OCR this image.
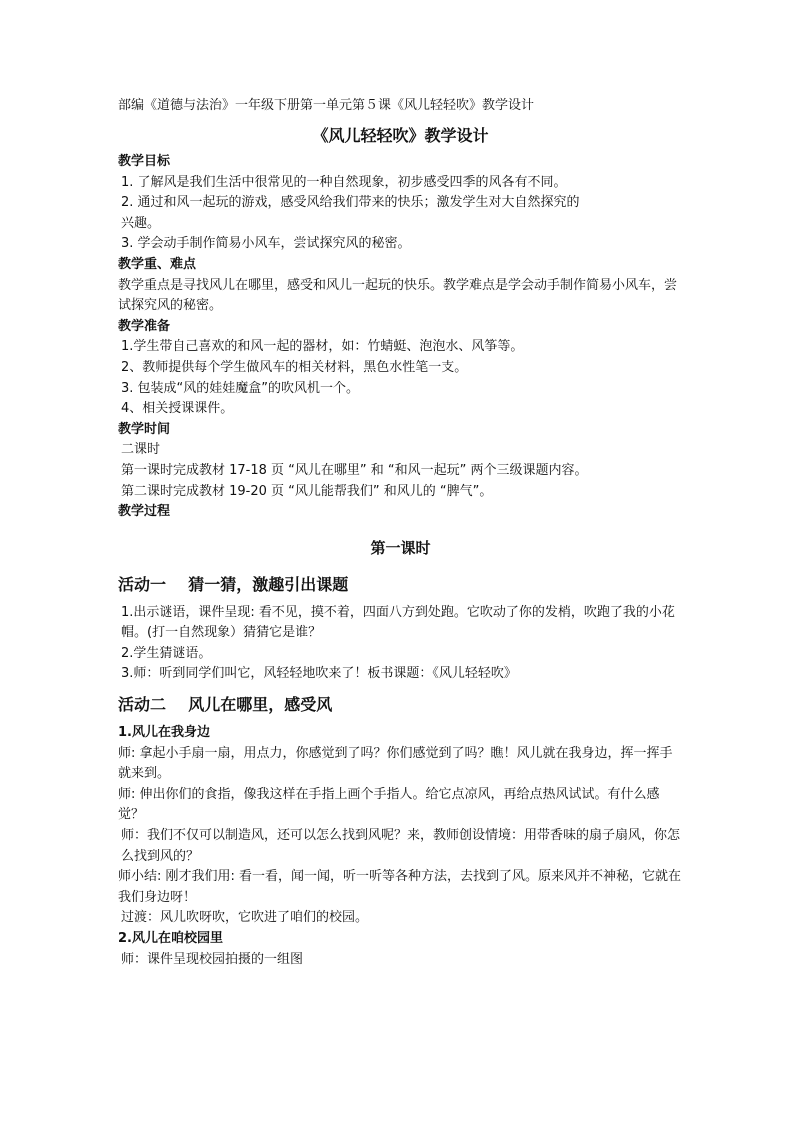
部编《道德与法治》一年级下册第一单元第５课《风儿轻轻吹》教学设计
《风儿轻轻吹》教学设计
教学目标
1. 了解风是我们生活中很常见的一种自然现象，初步感受四季的风各有不同。
2. 通过和风一起玩的游戏，感受风给我们带来的快乐；激发学生对大自然探究的兴趣。
3. 学会动手制作简易小风车，尝试探究风的秘密。
教学重、难点
教学重点是寻找风儿在哪里，感受和风儿一起玩的快乐。教学难点是学会动手制作简易小风车，尝试探究风的秘密。
教学准备
1.学生带自己喜欢的和风一起的器材，如：竹蜻蜓、泡泡水、风筝等。
2、教师提供每个学生做风车的相关材料，黑色水性笔一支。
3. 包装成“风的娃娃魔盒”的吹风机一个。
4、相关授课课件。
教学时间
二课时
第一课时完成教材 17-18 页 “风儿在哪里” 和 “和风一起玩” 两个三级课题内容。
第二课时完成教材 19-20 页 “风儿能帮我们” 和风儿的 “脾气”。
教学过程
第一课时
活动一    猜一猜，激趣引出课题
1.出示谜语，课件呈现: 看不见，摸不着，四面八方到处跑。它吹动了你的发梢，吹跑了我的小花帽。(打一自然现象）猜猜它是谁？
2.学生猜谜语。
3.师：听到同学们叫它，风轻轻地吹来了！板书课题：《风儿轻轻吹》
活动二    风儿在哪里，感受风
1.风儿在我身边
师: 拿起小手扇一扇，用点力，你感觉到了吗？你们感觉到了吗？瞧！风儿就在我身边，挥一挥手就来到。
师: 伸出你们的食指，像我这样在手指上画个手指人。给它点凉风，再给点热风试试。有什么感觉？
师：我们不仅可以制造风，还可以怎么找到风呢？来，教师创设情境：用带香味的扇子扇风，你怎么找到风的？
师小结: 刚才我们用: 看一看，闻一闻，听一听等各种方法，去找到了风。原来风并不神秘，它就在我们身边呀！
过渡：风儿吹呀吹，它吹进了咱们的校园。
2.风儿在咱校园里
师：课件呈现校园拍摄的一组图
